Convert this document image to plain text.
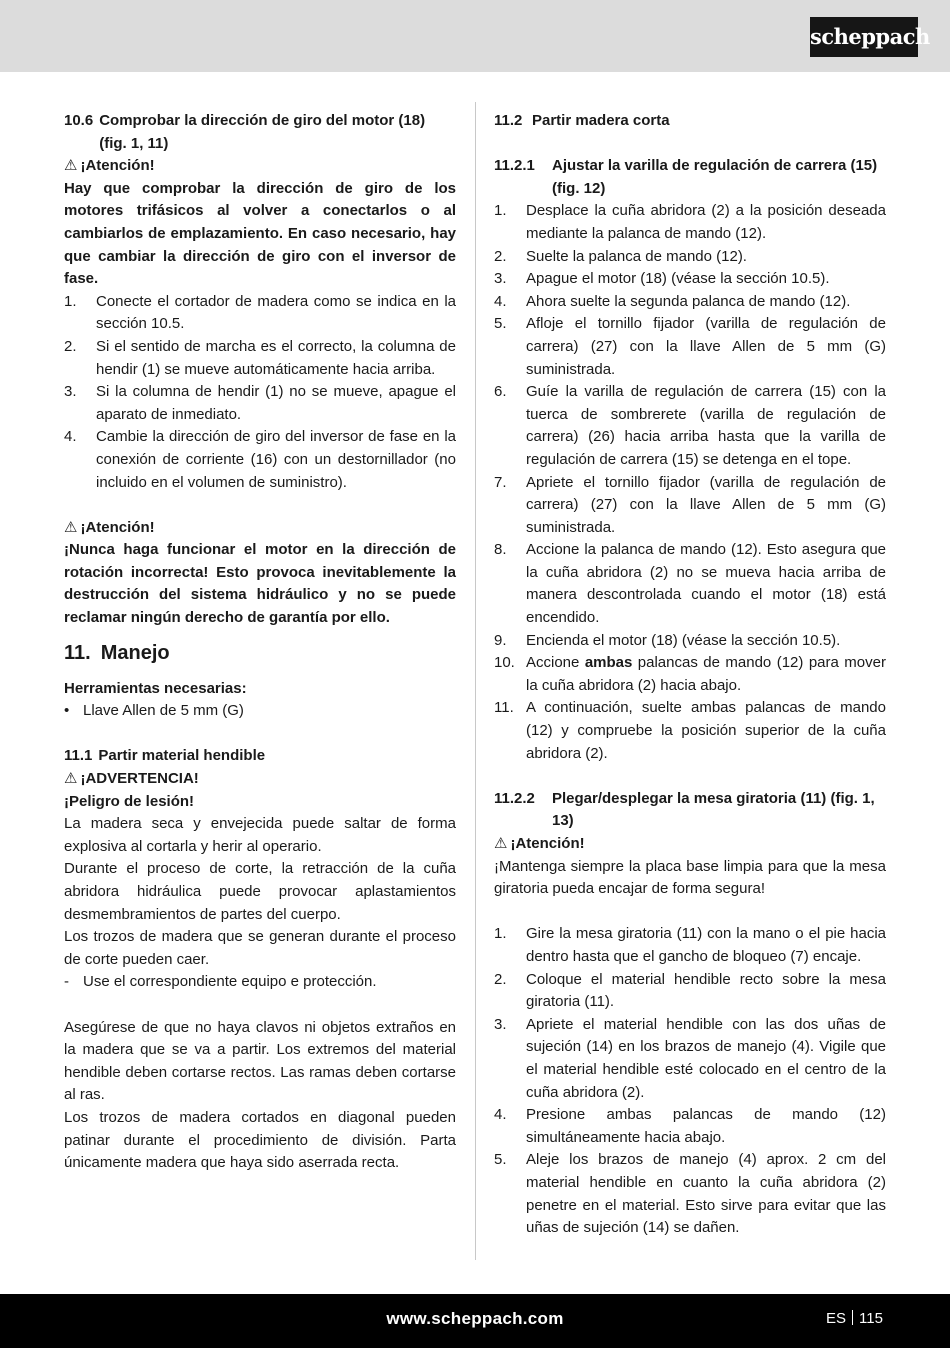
scheppach
10.6 Comprobar la dirección de giro del motor (18) (fig. 1, 11)
⚠ ¡Atención!

Hay que comprobar la dirección de giro de los motores trifásicos al volver a conectarlos o al cambiarlos de emplazamiento. En caso necesario, hay que cambiar la dirección de giro con el inversor de fase.

1.	Conecte el cortador de madera como se indica en la sección 10.5.
2.	Si el sentido de marcha es el correcto, la columna de hendir (1) se mueve automáticamente hacia arriba.
3.	Si la columna de hendir (1) no se mueve, apague el aparato de inmediato.
4.	Cambie la dirección de giro del inversor de fase en la conexión de corriente (16) con un destornillador (no incluido en el volumen de suministro).
⚠ ¡Atención!

¡Nunca haga funcionar el motor en la dirección de rotación incorrecta! Esto provoca inevitablemente la destrucción del sistema hidráulico y no se puede reclamar ningún derecho de garantía por ello.

11. Manejo
Herramientas necesarias:
• Llave Allen de 5 mm (G)
11.1 Partir material hendible
⚠ ¡ADVERTENCIA!
¡Peligro de lesión!

La madera seca y envejecida puede saltar de forma explosiva al cortarla y herir al operario.

Durante el proceso de corte, la retracción de la cuña abridora hidráulica puede provocar aplastamientos desmembramientos de partes del cuerpo.

Los trozos de madera que se generan durante el proceso de corte pueden caer.

- Use el correspondiente equipo e protección.

Asegúrese de que no haya clavos ni objetos extraños en la madera que se va a partir. Los extremos del material hendible deben cortarse rectos. Las ramas deben cortarse al ras.

Los trozos de madera cortados en diagonal pueden patinar durante el procedimiento de división. Parta únicamente madera que haya sido aserrada recta.

11.2 Partir madera corta
11.2.1	Ajustar la varilla de regulación de carrera (15) (fig. 12)
1.	Desplace la cuña abridora (2) a la posición deseada mediante la palanca de mando (12).
2.	Suelte la palanca de mando (12).
3.	Apague el motor (18) (véase la sección 10.5).
4.	Ahora suelte la segunda palanca de mando (12).
5.	Afloje el tornillo fijador (varilla de regulación de carrera) (27) con la llave Allen de 5 mm (G) suministrada.
6.	Guíe la varilla de regulación de carrera (15) con la tuerca de sombrerete (varilla de regulación de carrera) (26) hacia arriba hasta que la varilla de regulación de carrera (15) se detenga en el tope.
7.	Apriete el tornillo fijador (varilla de regulación de carrera) (27) con la llave Allen de 5 mm (G) suministrada.
8.	Accione la palanca de mando (12). Esto asegura que la cuña abridora (2) no se mueva hacia arriba de manera descontrolada cuando el motor (18) está encendido.
9.	Encienda el motor (18) (véase la sección 10.5).
10. Accione ambas palancas de mando (12) para mover la cuña abridora (2) hacia abajo.
11. A continuación, suelte ambas palancas de mando (12) y compruebe la posición superior de la cuña abridora (2).
11.2.2	Plegar/desplegar la mesa giratoria (11) (fig. 1, 13)
⚠ ¡Atención!

¡Mantenga siempre la placa base limpia para que la mesa giratoria pueda encajar de forma segura!

1.	Gire la mesa giratoria (11) con la mano o el pie hacia dentro hasta que el gancho de bloqueo (7) encaje.
2.	Coloque el material hendible recto sobre la mesa giratoria (11).
3.	Apriete el material hendible con las dos uñas de sujeción (14) en los brazos de manejo (4). Vigile que el material hendible esté colocado en el centro de la cuña abridora (2).
4.	Presione ambas palancas de mando (12) simultáneamente hacia abajo.
5.	Aleje los brazos de manejo (4) aprox. 2 cm del material hendible en cuanto la cuña abridora (2) penetre en el material. Esto sirve para evitar que las uñas de sujeción (14) se dañen.
www.scheppach.com	ES 115
